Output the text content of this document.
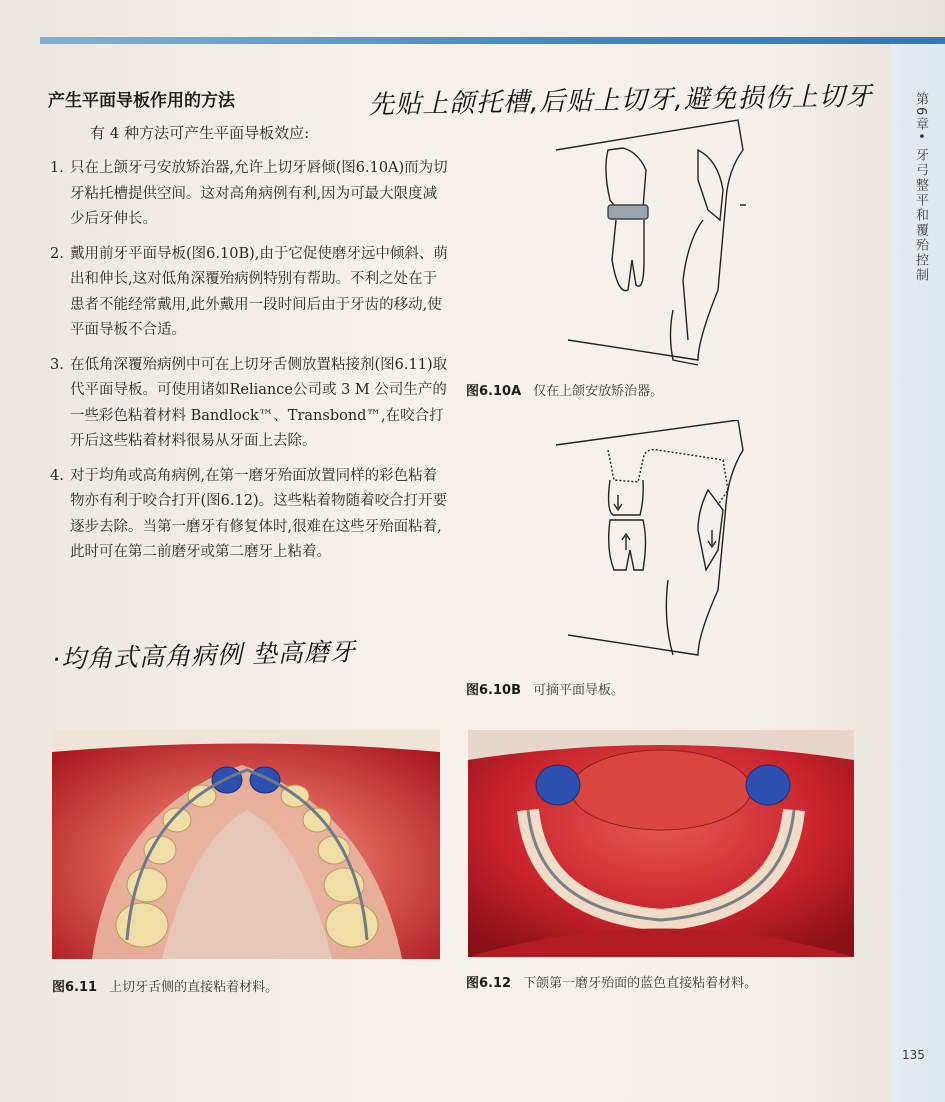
第6章• 牙弓整平和覆殆控制
产生平面导板作用的方法	先贴上颌托槽,后贴上切牙,避免损伤上切牙
有 4 种方法可产生平面导板效应:
1. 只在上颌牙弓安放矫治器,允许上切牙唇倾(图6.10A)而为切牙粘托槽提供空间。这对高角病例有利,因为可最大限度减少后牙伸长。
2. 戴用前牙平面导板(图6.10B),由于它促使磨牙远中倾斜、萌出和伸长,这对低角深覆殆病例特别有帮助。不利之处在于患者不能经常戴用,此外戴用一段时间后由于牙齿的移动,使平面导板不合适。
3. 在低角深覆殆病例中可在上切牙舌侧放置粘接剂(图6.11)取代平面导板。可使用诸如Reliance公司或 3 M 公司生产的一些彩色粘着材料 Bandlock™、Transbond™,在咬合打开后这些粘着材料很易从牙面上去除。
4. 对于均角或高角病例,在第一磨牙殆面放置同样的彩色粘着物亦有利于咬合打开(图6.12)。这些粘着物随着咬合打开要逐步去除。当第一磨牙有修复体时,很难在这些牙殆面粘着,此时可在第二前磨牙或第二磨牙上粘着。
·均角式高角病例 垫高磨牙
图6.10A 仅在上颌安放矫治器。
图6.10B 可摘平面导板。
图6.11 上切牙舌侧的直接粘着材料。	图6.12 下颌第一磨牙殆面的蓝色直接粘着材料。
135
